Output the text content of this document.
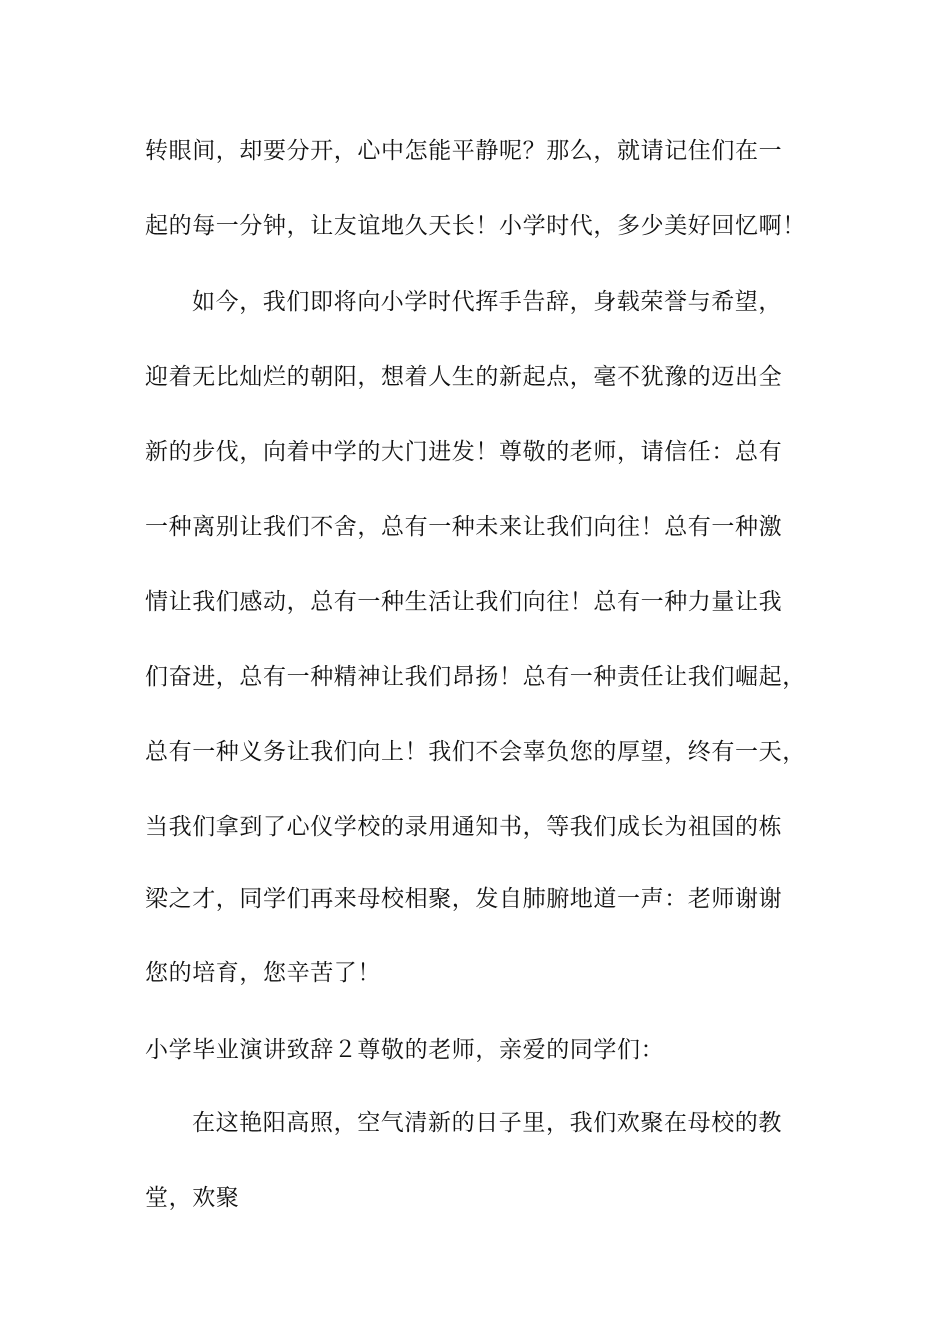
转眼间，却要分开，心中怎能平静呢？那么，就请记住们在一
起的每一分钟，让友谊地久天长！小学时代，多少美好回忆啊！
如今，我们即将向小学时代挥手告辞，身载荣誉与希望，
迎着无比灿烂的朝阳，想着人生的新起点，毫不犹豫的迈出全
新的步伐，向着中学的大门进发！尊敬的老师，请信任：总有
一种离别让我们不舍，总有一种未来让我们向往！总有一种激
情让我们感动，总有一种生活让我们向往！总有一种力量让我
们奋进，总有一种精神让我们昂扬！总有一种责任让我们崛起，
总有一种义务让我们向上！我们不会辜负您的厚望，终有一天，
当我们拿到了心仪学校的录用通知书，等我们成长为祖国的栋
梁之才，同学们再来母校相聚，发自肺腑地道一声：老师谢谢
您的培育，您辛苦了！
小学毕业演讲致辞２尊敬的老师，亲爱的同学们：
在这艳阳高照，空气清新的日子里，我们欢聚在母校的教
堂，欢聚
